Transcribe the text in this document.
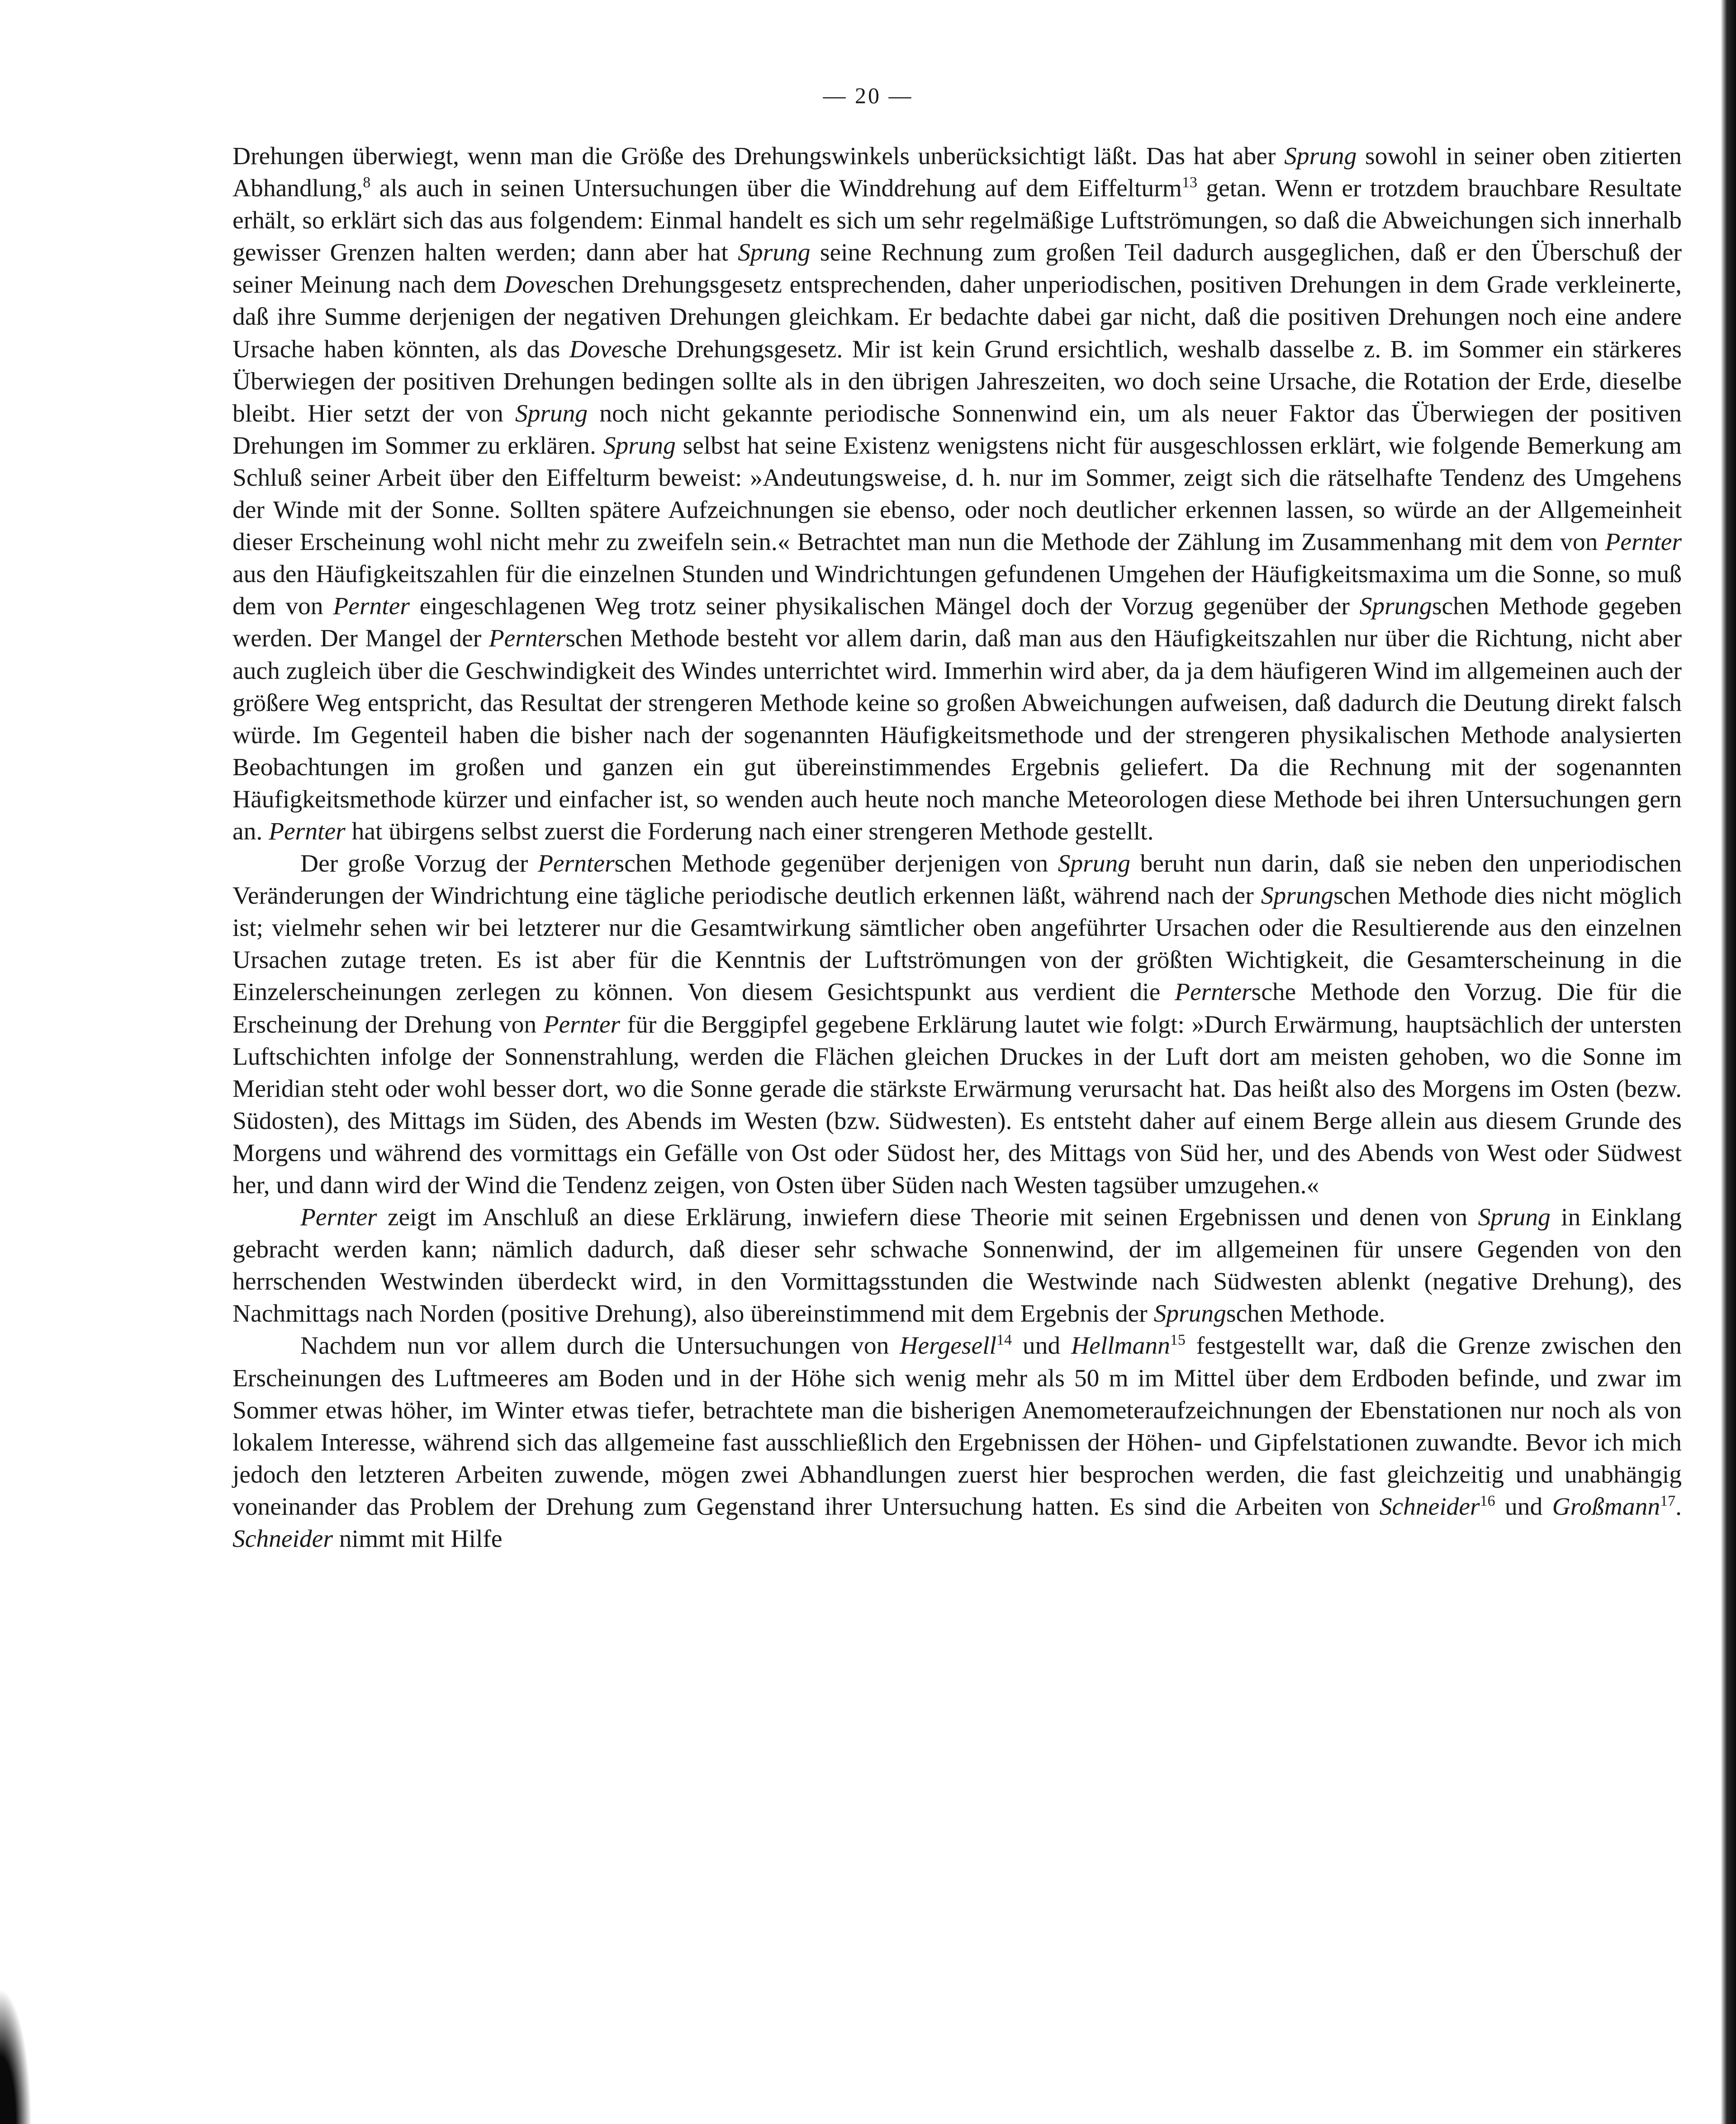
— 20 —

Drehungen überwiegt, wenn man die Größe des Drehungswinkels unberücksichtigt läßt. Das hat aber Sprung sowohl in seiner oben zitierten Abhandlung,$^8$ als auch in seinen Untersuchungen über die Winddrehung auf dem Eiffelturm$^{13}$ getan. Wenn er trotzdem brauchbare Resultate erhält, so erklärt sich das aus folgendem: Einmal handelt es sich um sehr regelmäßige Luftströmungen, so daß die Abweichungen sich innerhalb gewisser Grenzen halten werden; dann aber hat Sprung seine Rechnung zum großen Teil dadurch ausgeglichen, daß er den Überschuß der seiner Meinung nach dem Doveschen Drehungsgesetz entsprechenden, daher unperiodischen, positiven Drehungen in dem Grade verkleinerte, daß ihre Summe derjenigen der negativen Drehungen gleichkam. Er bedachte dabei gar nicht, daß die positiven Drehungen noch eine andere Ursache haben könnten, als das Dovesche Drehungsgesetz. Mir ist kein Grund ersichtlich, weshalb dasselbe z. B. im Sommer ein stärkeres Überwiegen der positiven Drehungen bedingen sollte als in den übrigen Jahreszeiten, wo doch seine Ursache, die Rotation der Erde, dieselbe bleibt. Hier setzt der von Sprung noch nicht gekannte periodische Sonnenwind ein, um als neuer Faktor das Überwiegen der positiven Drehungen im Sommer zu erklären. Sprung selbst hat seine Existenz wenigstens nicht für ausgeschlossen erklärt, wie folgende Bemerkung am Schluß seiner Arbeit über den Eiffelturm beweist: »Andeutungsweise, d. h. nur im Sommer, zeigt sich die rätselhafte Tendenz des Umgehens der Winde mit der Sonne. Sollten spätere Aufzeichnungen sie ebenso, oder noch deutlicher erkennen lassen, so würde an der Allgemeinheit dieser Erscheinung wohl nicht mehr zu zweifeln sein.« Betrachtet man nun die Methode der Zählung im Zusammenhang mit dem von Pernter aus den Häufigkeitszahlen für die einzelnen Stunden und Windrichtungen gefundenen Umgehen der Häufigkeitsmaxima um die Sonne, so muß dem von Pernter eingeschlagenen Weg trotz seiner physikalischen Mängel doch der Vorzug gegenüber der Sprungschen Methode gegeben werden. Der Mangel der Pernterschen Methode besteht vor allem darin, daß man aus den Häufigkeitszahlen nur über die Richtung, nicht aber auch zugleich über die Geschwindigkeit des Windes unterrichtet wird. Immerhin wird aber, da ja dem häufigeren Wind im allgemeinen auch der größere Weg entspricht, das Resultat der strengeren Methode keine so großen Abweichungen aufweisen, daß dadurch die Deutung direkt falsch würde. Im Gegenteil haben die bisher nach der sogenannten Häufigkeitsmethode und der strengeren physikalischen Methode analysierten Beobachtungen im großen und ganzen ein gut übereinstimmendes Ergebnis geliefert. Da die Rechnung mit der sogenannten Häufigkeitsmethode kürzer und einfacher ist, so wenden auch heute noch manche Meteorologen diese Methode bei ihren Untersuchungen gern an. Pernter hat übirgens selbst zuerst die Forderung nach einer strengeren Methode gestellt.

Der große Vorzug der Pernterschen Methode gegenüber derjenigen von Sprung beruht nun darin, daß sie neben den unperiodischen Veränderungen der Windrichtung eine tägliche periodische deutlich erkennen läßt, während nach der Sprungschen Methode dies nicht möglich ist; vielmehr sehen wir bei letzterer nur die Gesamtwirkung sämtlicher oben angeführter Ursachen oder die Resultierende aus den einzelnen Ursachen zutage treten. Es ist aber für die Kenntnis der Luftströmungen von der größten Wichtigkeit, die Gesamterscheinung in die Einzelerscheinungen zerlegen zu können. Von diesem Gesichtspunkt aus verdient die Perntersche Methode den Vorzug. Die für die Erscheinung der Drehung von Pernter für die Berggipfel gegebene Erklärung lautet wie folgt: »Durch Erwärmung, hauptsächlich der untersten Luftschichten infolge der Sonnenstrahlung, werden die Flächen gleichen Druckes in der Luft dort am meisten gehoben, wo die Sonne im Meridian steht oder wohl besser dort, wo die Sonne gerade die stärkste Erwärmung verursacht hat. Das heißt also des Morgens im Osten (bezw. Südosten), des Mittags im Süden, des Abends im Westen (bzw. Südwesten). Es entsteht daher auf einem Berge allein aus diesem Grunde des Morgens und während des vormittags ein Gefälle von Ost oder Südost her, des Mittags von Süd her, und des Abends von West oder Südwest her, und dann wird der Wind die Tendenz zeigen, von Osten über Süden nach Westen tagsüber umzugehen.«

Pernter zeigt im Anschluß an diese Erklärung, inwiefern diese Theorie mit seinen Ergebnissen und denen von Sprung in Einklang gebracht werden kann; nämlich dadurch, daß dieser sehr schwache Sonnenwind, der im allgemeinen für unsere Gegenden von den herrschenden Westwinden überdeckt wird, in den Vormittagsstunden die Westwinde nach Südwesten ablenkt (negative Drehung), des Nachmittags nach Norden (positive Drehung), also übereinstimmend mit dem Ergebnis der Sprungschen Methode.

Nachdem nun vor allem durch die Untersuchungen von Hergesell$^{14}$ und Hellmann$^{15}$ festgestellt war, daß die Grenze zwischen den Erscheinungen des Luftmeeres am Boden und in der Höhe sich wenig mehr als 50 m im Mittel über dem Erdboden befinde, und zwar im Sommer etwas höher, im Winter etwas tiefer, betrachtete man die bisherigen Anemometeraufzeichnungen der Ebenstationen nur noch als von lokalem Interesse, während sich das allgemeine fast ausschließlich den Ergebnissen der Höhen- und Gipfelstationen zuwandte. Bevor ich mich jedoch den letzteren Arbeiten zuwende, mögen zwei Abhandlungen zuerst hier besprochen werden, die fast gleichzeitig und unabhängig voneinander das Problem der Drehung zum Gegenstand ihrer Untersuchung hatten. Es sind die Arbeiten von Schneider$^{16}$ und Großmann$^{17}$. Schneider nimmt mit Hilfe
